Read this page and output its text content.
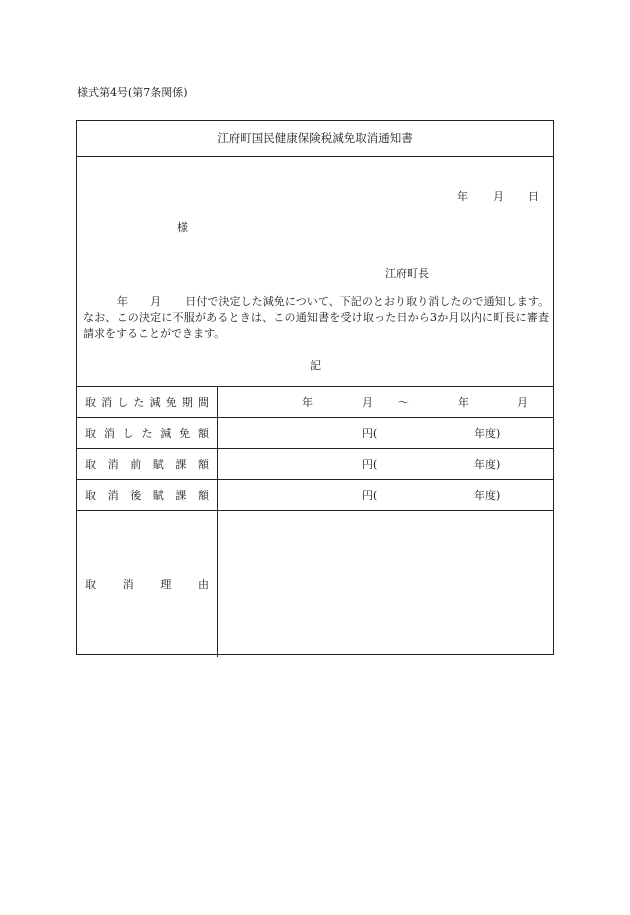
様式第4号(第7条関係)
江府町国民健康保険税減免取消通知書
年 月 日
様
江府町長
年 月 日付で決定した減免について、下記のとおり取り消したので通知します。なお、この決定に不服があるときは、この通知書を受け取った日から3か月以内に町長に審査請求をすることができます。
記
取 消 し た 減 免 期 間	年	月 〜	年	月
取 消 し た 減 免 額	円(	年度)
取 消 前 賦 課 額	円(	年度)
取 消 後 賦 課 額	円(	年度)
取 消 理 由
